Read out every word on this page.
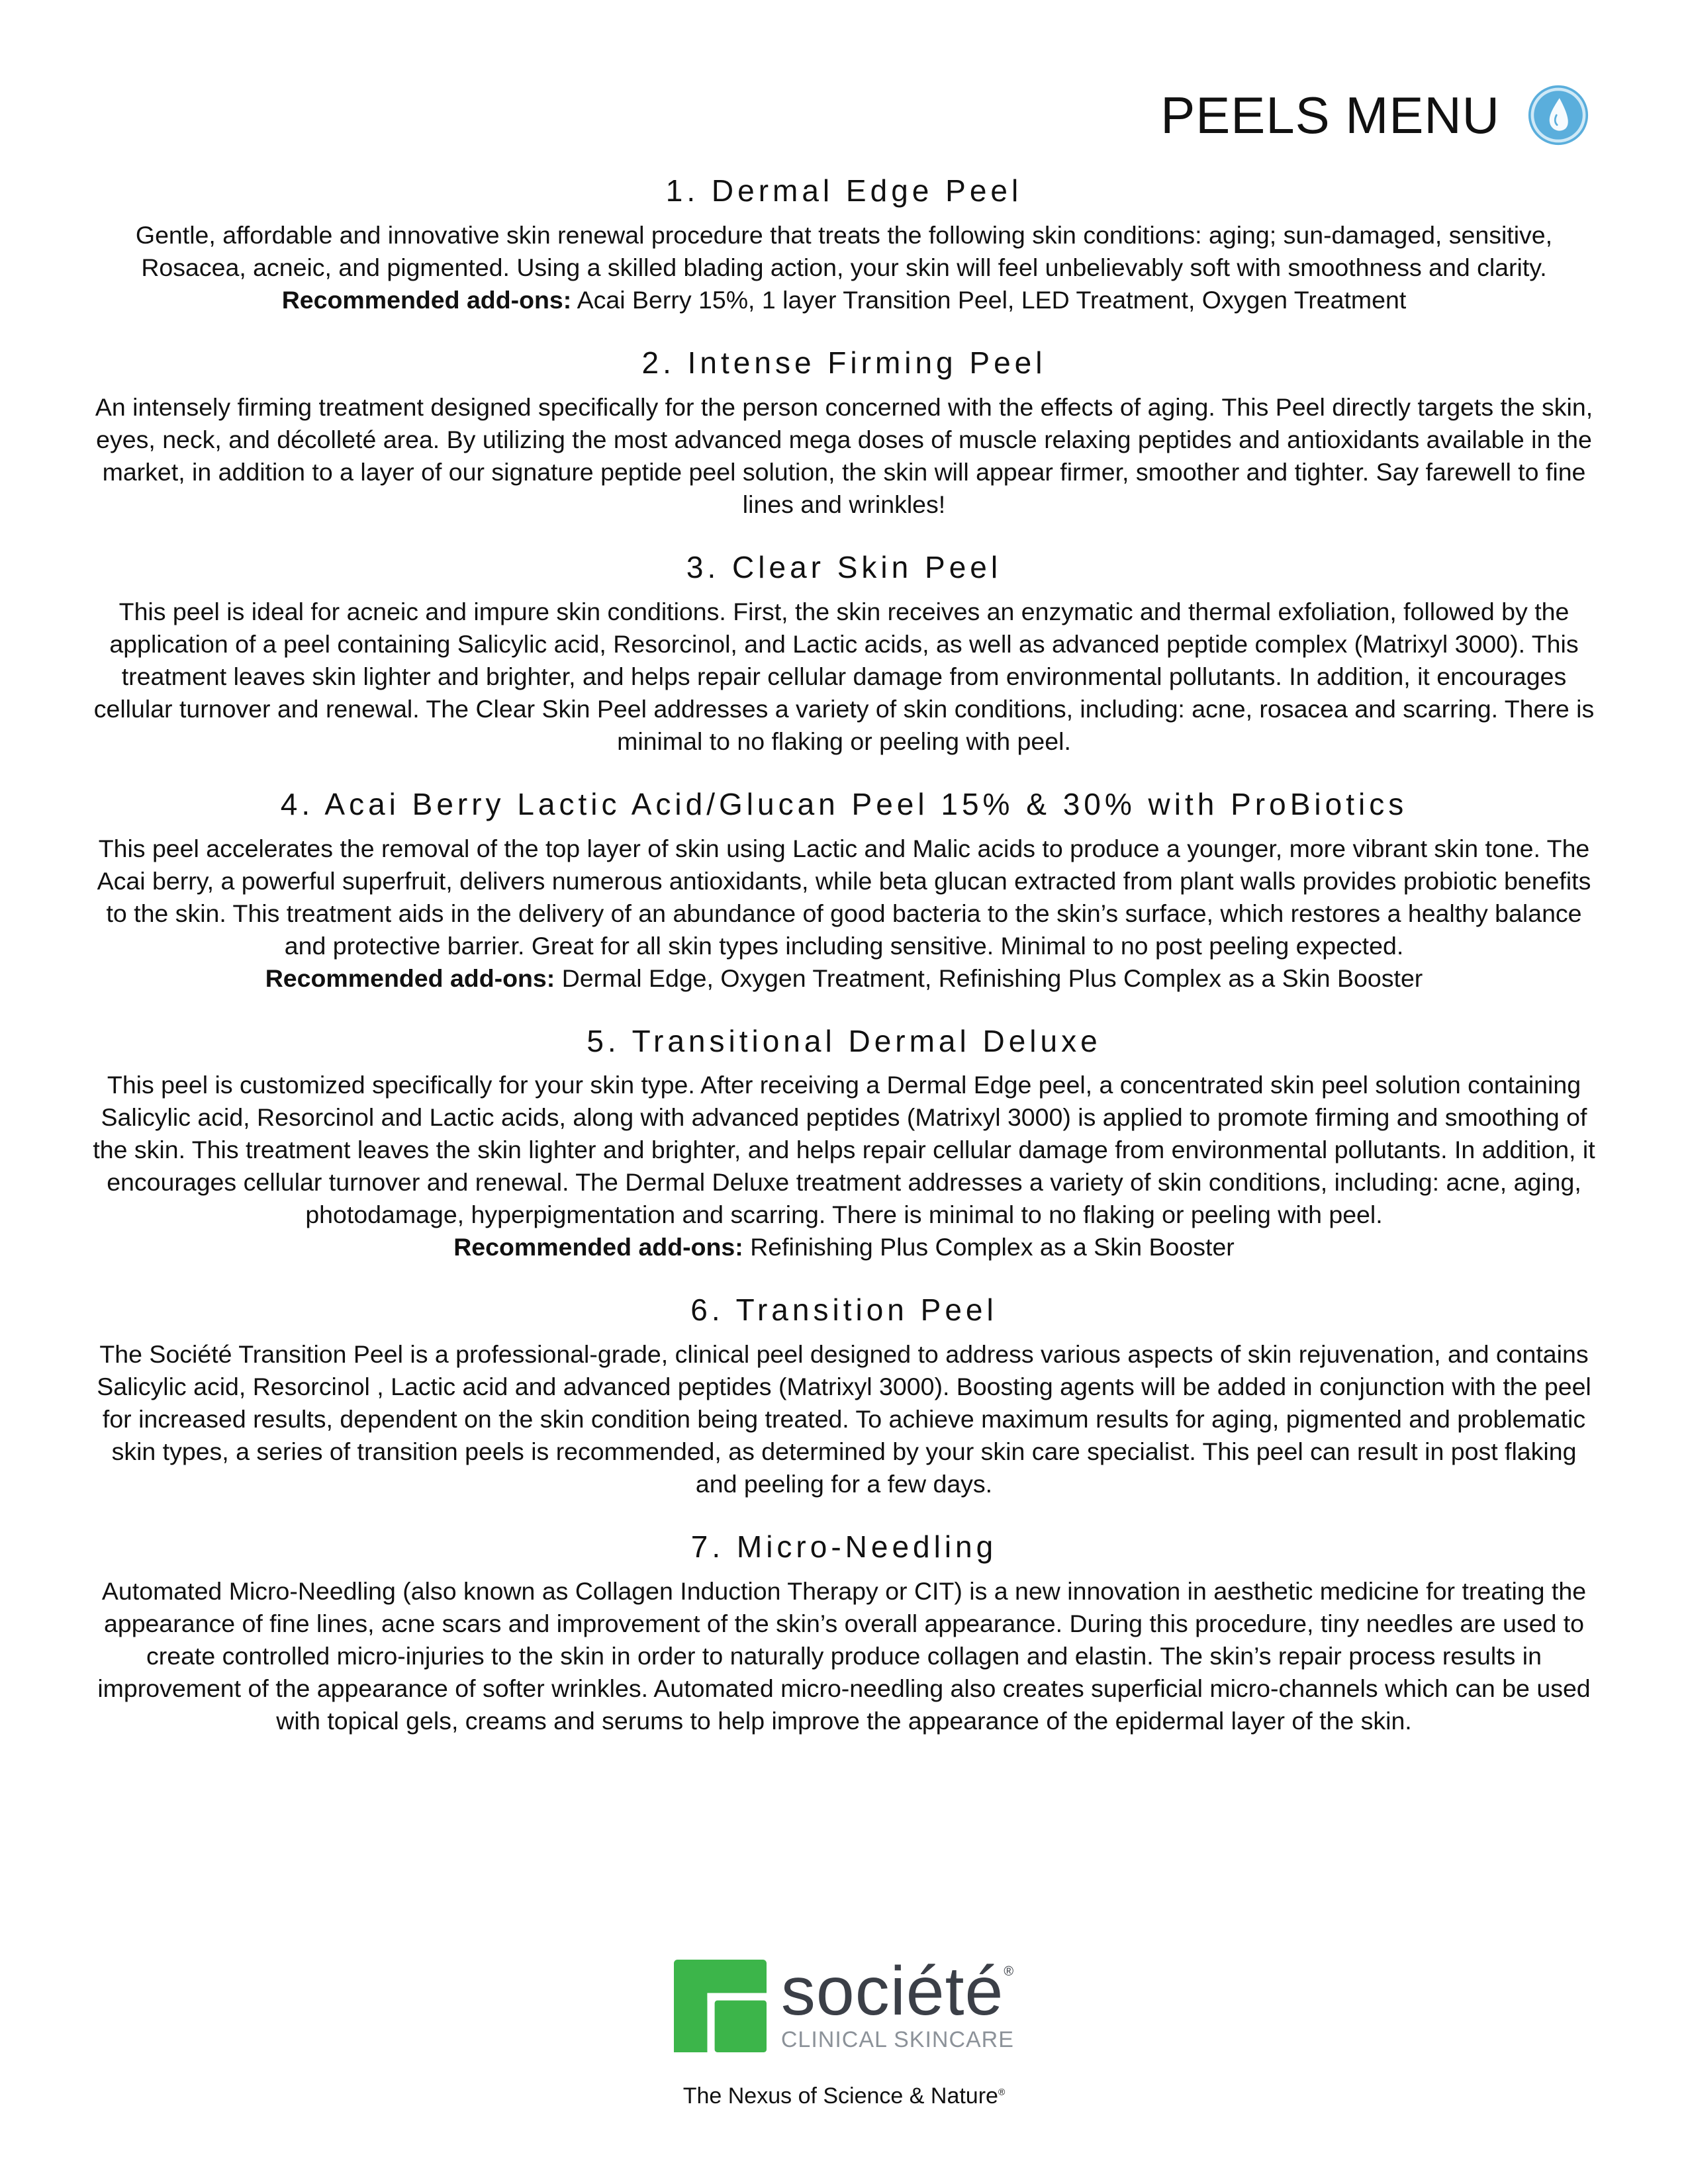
PEELS MENU
1. Dermal Edge Peel

Gentle, affordable and innovative skin renewal procedure that treats the following skin conditions: aging; sun-damaged, sensitive, Rosacea, acneic, and pigmented. Using a skilled blading action, your skin will feel unbelievably soft with smoothness and clarity.

Recommended add-ons: Acai Berry 15%, 1 layer Transition Peel, LED Treatment, Oxygen Treatment

2. Intense Firming Peel

An intensely firming treatment designed specifically for the person concerned with the effects of aging. This Peel directly targets the skin, eyes, neck, and décolleté area. By utilizing the most advanced mega doses of muscle relaxing peptides and antioxidants available in the market, in addition to a layer of our signature peptide peel solution, the skin will appear firmer, smoother and tighter. Say farewell to fine lines and wrinkles!

3. Clear Skin Peel

This peel is ideal for acneic and impure skin conditions. First, the skin receives an enzymatic and thermal exfoliation, followed by the application of a peel containing Salicylic acid, Resorcinol, and Lactic acids, as well as advanced peptide complex (Matrixyl 3000). This treatment leaves skin lighter and brighter, and helps repair cellular damage from environmental pollutants. In addition, it encourages cellular turnover and renewal. The Clear Skin Peel addresses a variety of skin conditions, including: acne, rosacea and scarring. There is minimal to no flaking or peeling with peel.

4. Acai Berry Lactic Acid/Glucan Peel 15% & 30% with ProBiotics

This peel accelerates the removal of the top layer of skin using Lactic and Malic acids to produce a younger, more vibrant skin tone. The Acai berry, a powerful superfruit, delivers numerous antioxidants, while beta glucan extracted from plant walls provides probiotic benefits to the skin. This treatment aids in the delivery of an abundance of good bacteria to the skin’s surface, which restores a healthy balance and protective barrier. Great for all skin types including sensitive. Minimal to no post peeling expected.

Recommended add-ons: Dermal Edge, Oxygen Treatment, Refinishing Plus Complex as a Skin Booster

5. Transitional Dermal Deluxe

This peel is customized specifically for your skin type. After receiving a Dermal Edge peel, a concentrated skin peel solution containing Salicylic acid, Resorcinol and Lactic acids, along with advanced peptides (Matrixyl 3000) is applied to promote firming and smoothing of the skin. This treatment leaves the skin lighter and brighter, and helps repair cellular damage from environmental pollutants. In addition, it encourages cellular turnover and renewal. The Dermal Deluxe treatment addresses a variety of skin conditions, including: acne, aging, photodamage, hyperpigmentation and scarring. There is minimal to no flaking or peeling with peel.

Recommended add-ons: Refinishing Plus Complex as a Skin Booster

6. Transition Peel

The Société Transition Peel is a professional-grade, clinical peel designed to address various aspects of skin rejuvenation, and contains Salicylic acid, Resorcinol , Lactic acid and advanced peptides (Matrixyl 3000). Boosting agents will be added in conjunction with the peel for increased results, dependent on the skin condition being treated. To achieve maximum results for aging, pigmented and problematic skin types, a series of transition peels is recommended, as determined by your skin care specialist. This peel can result in post flaking and peeling for a few days.

7. Micro-Needling

Automated Micro-Needling (also known as Collagen Induction Therapy or CIT) is a new innovation in aesthetic medicine for treating the appearance of fine lines, acne scars and improvement of the skin’s overall appearance. During this procedure, tiny needles are used to create controlled micro-injuries to the skin in order to naturally produce collagen and elastin. The skin’s repair process results in improvement of the appearance of softer wrinkles. Automated micro-needling also creates superficial micro-channels which can be used with topical gels, creams and serums to help improve the appearance of the epidermal layer of the skin.

société®
CLINICAL SKINCARE
The Nexus of Science & Nature®
